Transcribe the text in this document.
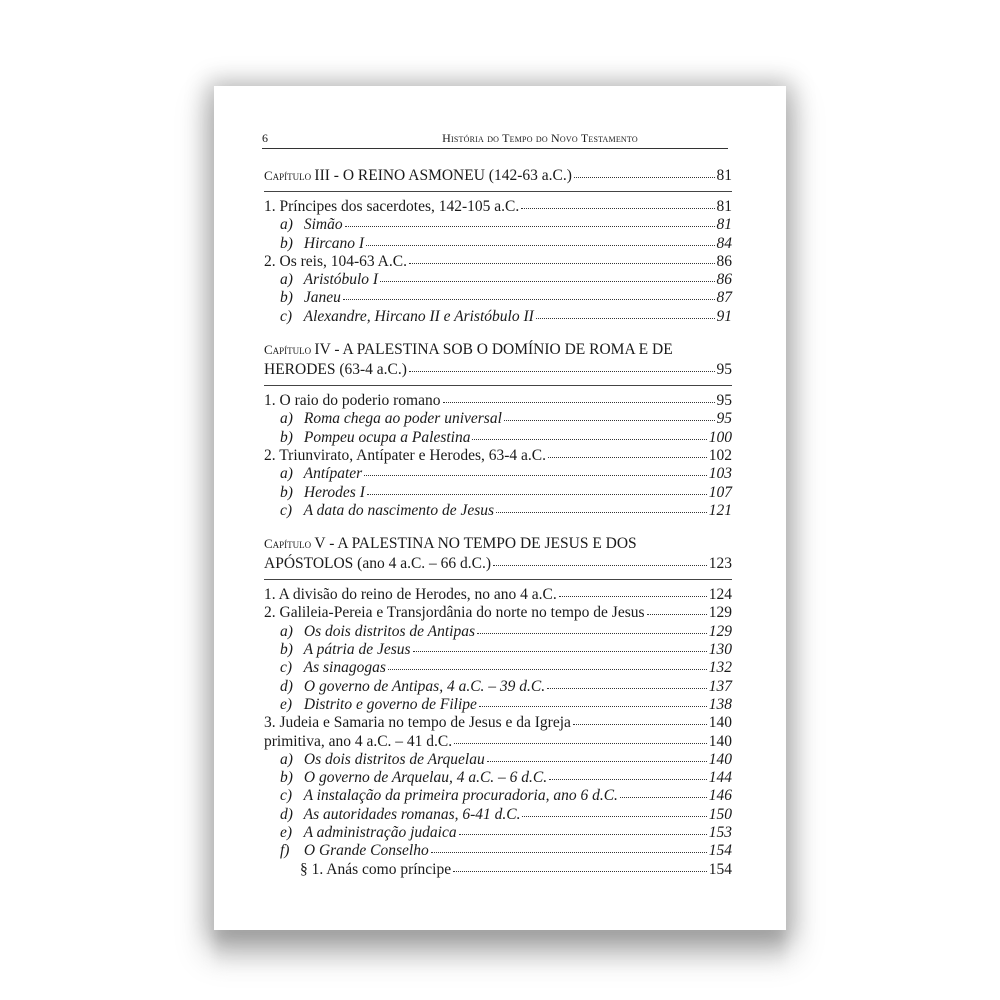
6	História do Tempo do Novo Testamento
Capítulo III - O REINO ASMONEU (142-63 a.C.)	81
1. Príncipes dos sacerdotes, 142-105 a.C.	81
a) Simão	81
b) Hircano I	84
2. Os reis, 104-63 A.C.	86
a) Aristóbulo I	86
b) Janeu	87
c) Alexandre, Hircano II e Aristóbulo II	91
Capítulo IV - A PALESTINA SOB O DOMÍNIO DE ROMA E DE
HERODES (63-4 a.C.)	95
1. O raio do poderio romano	95
a) Roma chega ao poder universal	95
b) Pompeu ocupa a Palestina	100
2. Triunvirato, Antípater e Herodes, 63-4 a.C.	102
a) Antípater	103
b) Herodes I	107
c) A data do nascimento de Jesus	121
Capítulo V - A PALESTINA NO TEMPO DE JESUS E DOS
APÓSTOLOS (ano 4 a.C. – 66 d.C.)	123
1. A divisão do reino de Herodes, no ano 4 a.C.	124
2. Galileia-Pereia e Transjordânia do norte no tempo de Jesus	129
a) Os dois distritos de Antipas	129
b) A pátria de Jesus	130
c) As sinagogas	132
d) O governo de Antipas, 4 a.C. – 39 d.C.	137
e) Distrito e governo de Filipe	138
3. Judeia e Samaria no tempo de Jesus e da Igreja	140
primitiva, ano 4 a.C. – 41 d.C.	140
a) Os dois distritos de Arquelau	140
b) O governo de Arquelau, 4 a.C. – 6 d.C.	144
c) A instalação da primeira procuradoria, ano 6 d.C.	146
d) As autoridades romanas, 6-41 d.C.	150
e) A administração judaica	153
f) O Grande Conselho	154
§ 1. Anás como príncipe	154
